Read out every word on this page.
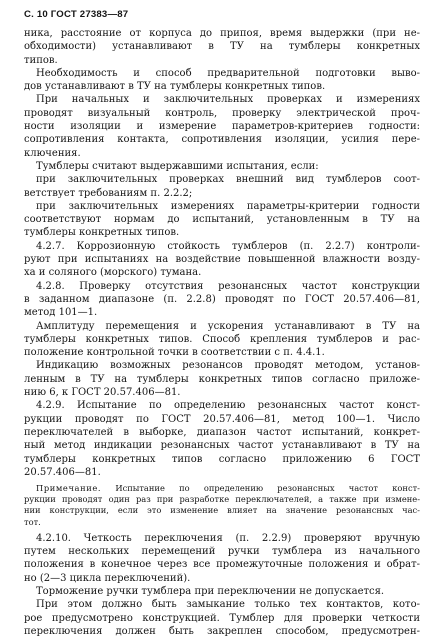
С. 10 ГОСТ 27383—87
ника, расстояние от корпуса до припоя, время выдержки (при не-
обходимости) устанавливают в ТУ на тумблеры конкретных
типов.
Необходимость и способ предварительной подготовки выво-
дов устанавливают в ТУ на тумблеры конкретных типов.
При начальных и заключительных проверках и измерениях
проводят визуальный контроль, проверку электрической проч-
ности изоляции и измерение параметров-критериев годности:
сопротивления контакта, сопротивления изоляции, усилия пере-
ключения.
Тумблеры считают выдержавшими испытания, если:
при заключительных проверках внешний вид тумблеров соот-
ветствует требованиям п. 2.2.2;
при заключительных измерениях параметры-критерии годности
соответствуют нормам до испытаний, установленным в ТУ на
тумблеры конкретных типов.
4.2.7. Коррозионную стойкость тумблеров (п. 2.2.7) контроли-
руют при испытаниях на воздействие повышенной влажности возду-
ха и соляного (морского) тумана.
4.2.8. Проверку отсутствия резонансных частот конструкции
в заданном диапазоне (п. 2.2.8) проводят по ГОСТ 20.57.406—81,
метод 101—1.
Амплитуду перемещения и ускорения устанавливают в ТУ на
тумблеры конкретных типов. Способ крепления тумблеров и рас-
положение контрольной точки в соответствии с п. 4.4.1.
Индикацию возможных резонансов проводят методом, установ-
ленным в ТУ на тумблеры конкретных типов согласно приложе-
нию 6, к ГОСТ 20.57.406—81.
4.2.9. Испытание по определению резонансных частот конст-
рукции проводят по ГОСТ 20.57.406—81, метод 100—1. Число
переключателей в выборке, диапазон частот испытаний, конкрет-
ный метод индикации резонансных частот устанавливают в ТУ на
тумблеры конкретных типов согласно приложению 6 ГОСТ
20.57.406—81.
Примечание. Испытание по определению резонансных частот конст-
рукции проводят один раз при разработке переключателей, а также при измене-
нии конструкции, если это изменение влияет на значение резонансных час-
тот.
4.2.10. Четкость переключения (п. 2.2.9) проверяют вручную
путем нескольких перемещений ручки тумблера из начального
положения в конечное через все промежуточные положения и обрат-
но (2—3 цикла переключений).
Торможение ручки тумблера при переключении не допускается.
При этом должно быть замыкание только тех контактов, кото-
рое предусмотрено конструкцией. Тумблер для проверки четкости
переключения должен быть закреплен способом, предусмотрен-
